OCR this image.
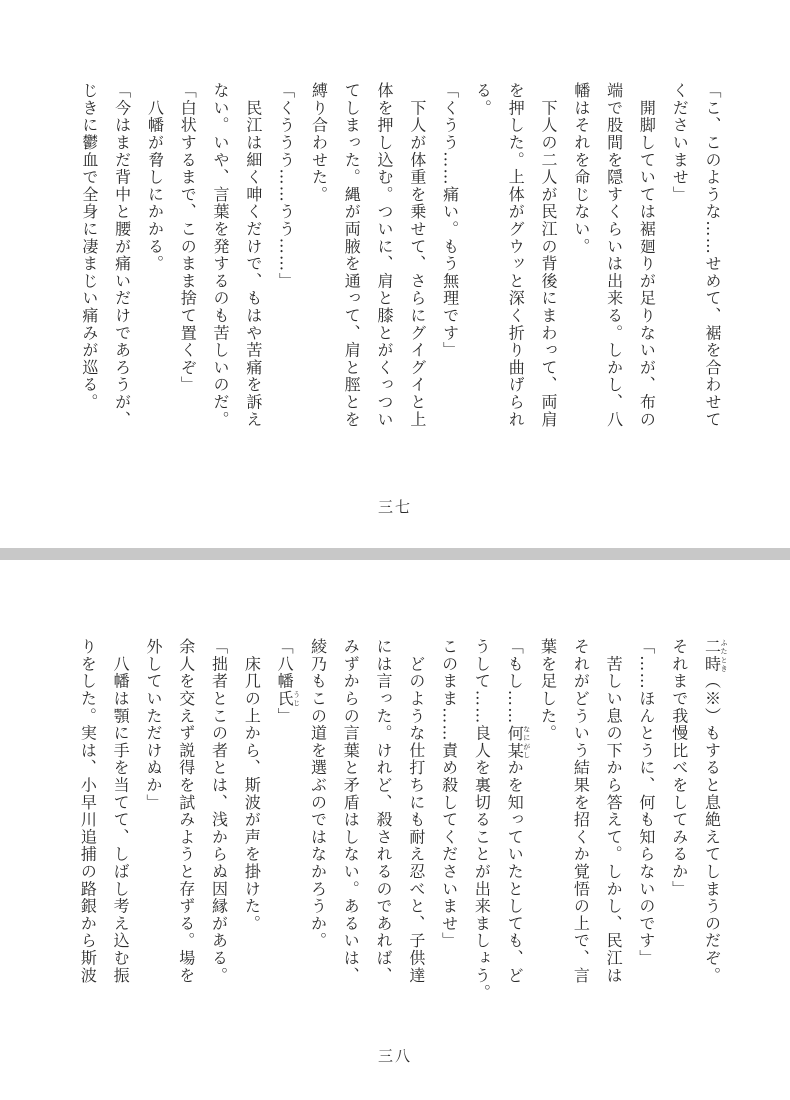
「こ、このような……せめて、裾を合わせて
くださいませ」
　開脚していては裾廻りが足りないが、布の
端で股間を隠すくらいは出来る。しかし、八
幡はそれを命じない。
　下人の二人が民江の背後にまわって、両肩
を押した。上体がグウッと深く折り曲げられ
る。
「くうう……痛い。もう無理です」
　下人が体重を乗せて、さらにグイグイと上
体を押し込む。ついに、肩と膝とがくっつい
てしまった。縄が両腋を通って、肩と脛とを
縛り合わせた。
「くううう……うう……」
　民江は細く呻くだけで、もはや苦痛を訴え
ない。いや、言葉を発するのも苦しいのだ。
「白状するまで、このまま捨て置くぞ」
　八幡が脅しにかかる。
「今はまだ背中と腰が痛いだけであろうが、
じきに鬱血で全身に凄まじい痛みが巡る。
三七
二時ふたとき（※）もすると息絶えてしまうのだぞ。
それまで我慢比べをしてみるか」
「……ほんとうに、何も知らないのです」
　苦しい息の下から答えて。しかし、民江は
それがどういう結果を招くか覚悟の上で、言
葉を足した。
「もし……何某なにがしかを知っていたとしても、ど
うして……良人を裏切ることが出来ましょう。
このまま……責め殺してくださいませ」
　どのような仕打ちにも耐え忍べと、子供達
には言った。けれど、殺されるのであれば、
みずからの言葉と矛盾はしない。あるいは、
綾乃もこの道を選ぶのではなかろうか。
「八幡氏うじ」
　床几の上から、斯波が声を掛けた。
「拙者とこの者とは、浅からぬ因縁がある。
余人を交えず説得を試みようと存ずる。場を
外していただけぬか」
　八幡は顎に手を当てて、しばし考え込む振
りをした。実は、小早川追捕の路銀から斯波
三八
